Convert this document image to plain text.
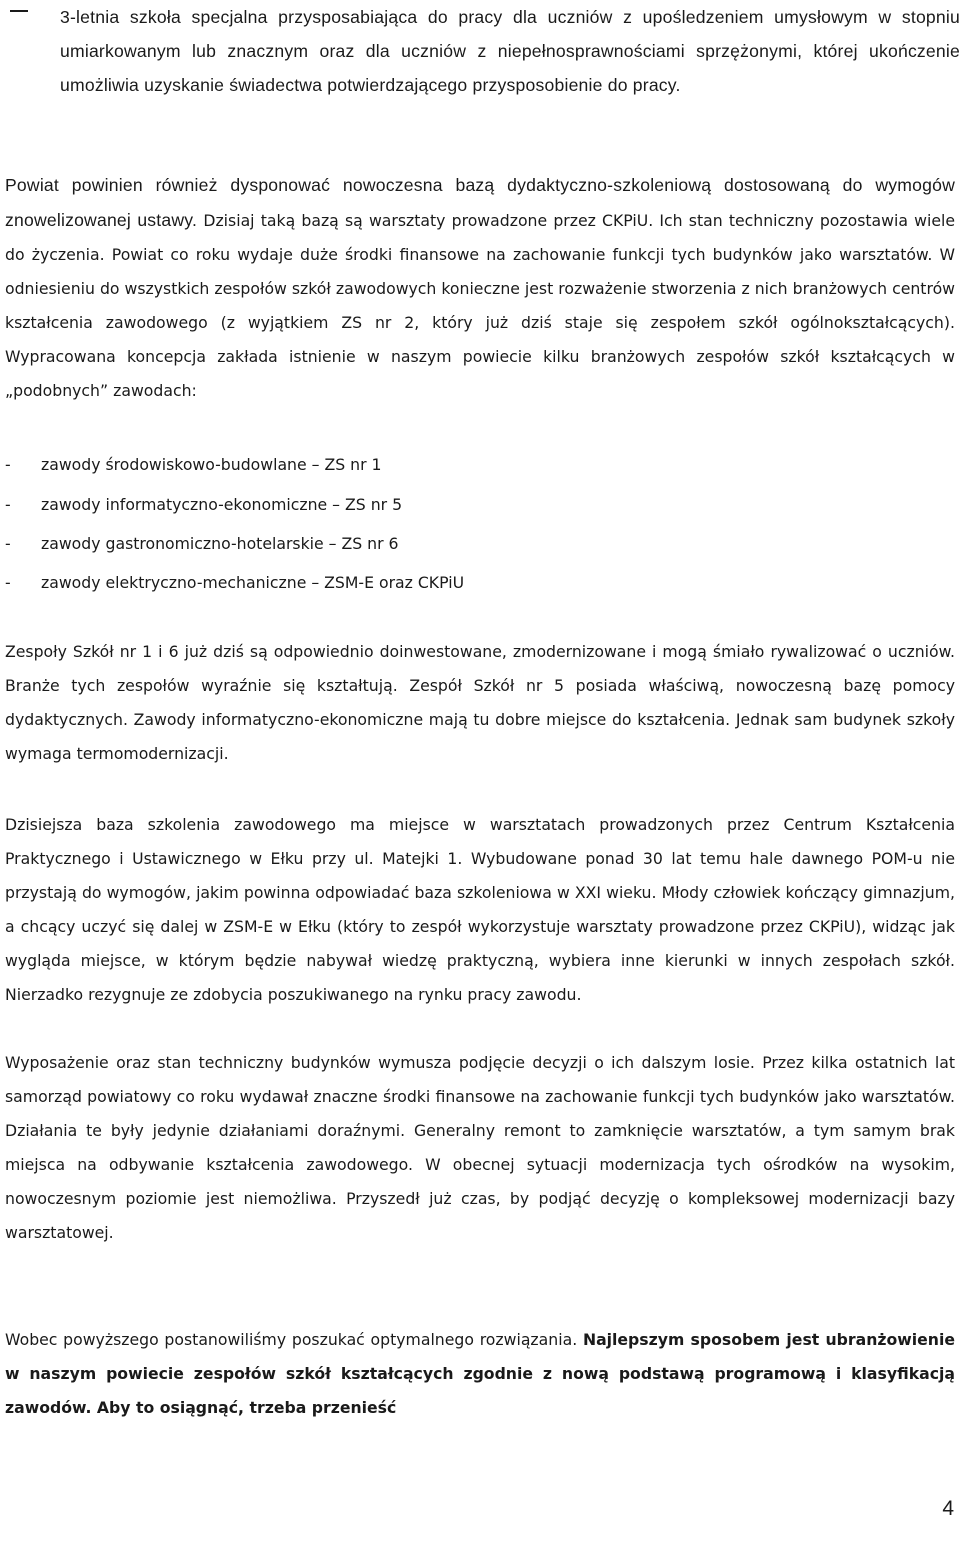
3-letnia szkoła specjalna przysposabiająca do pracy dla uczniów z upośledzeniem umysłowym w stopniu umiarkowanym lub znacznym oraz dla uczniów z niepełnosprawnościami sprzężonymi, której ukończenie umożliwia uzyskanie świadectwa potwierdzającego przysposobienie do pracy.

Powiat powinien również dysponować nowoczesna bazą dydaktyczno-szkoleniową dostosowaną do wymogów znowelizowanej ustawy. Dzisiaj taką bazą są warsztaty prowadzone przez CKPiU. Ich stan techniczny pozostawia wiele do życzenia. Powiat co roku wydaje duże środki finansowe na zachowanie funkcji tych budynków jako warsztatów. W odniesieniu do wszystkich zespołów szkół zawodowych konieczne jest rozważenie stworzenia z nich branżowych centrów kształcenia zawodowego (z wyjątkiem ZS nr 2, który już dziś staje się zespołem szkół ogólnokształcących). Wypracowana koncepcja zakłada istnienie w naszym powiecie kilku branżowych zespołów szkół kształcących w „podobnych” zawodach:

- zawody środowiskowo-budowlane – ZS nr 1
- zawody informatyczno-ekonomiczne – ZS nr 5
- zawody gastronomiczno-hotelarskie – ZS nr 6
- zawody elektryczno-mechaniczne – ZSM-E oraz CKPiU

Zespoły Szkół nr 1 i 6 już dziś są odpowiednio doinwestowane, zmodernizowane i mogą śmiało rywalizować o uczniów. Branże tych zespołów wyraźnie się kształtują. Zespół Szkół nr 5 posiada właściwą, nowoczesną bazę pomocy dydaktycznych. Zawody informatyczno-ekonomiczne mają tu dobre miejsce do kształcenia. Jednak sam budynek szkoły wymaga termomodernizacji.

Dzisiejsza baza szkolenia zawodowego ma miejsce w warsztatach prowadzonych przez Centrum Kształcenia Praktycznego i Ustawicznego w Ełku przy ul. Matejki 1. Wybudowane ponad 30 lat temu hale dawnego POM-u nie przystają do wymogów, jakim powinna odpowiadać baza szkoleniowa w XXI wieku. Młody człowiek kończący gimnazjum, a chcący uczyć się dalej w ZSM-E w Ełku (który to zespół wykorzystuje warsztaty prowadzone przez CKPiU), widząc jak wygląda miejsce, w którym będzie nabywał wiedzę praktyczną, wybiera inne kierunki w innych zespołach szkół. Nierzadko rezygnuje ze zdobycia poszukiwanego na rynku pracy zawodu.

Wyposażenie oraz stan techniczny budynków wymusza podjęcie decyzji o ich dalszym losie. Przez kilka ostatnich lat samorząd powiatowy co roku wydawał znaczne środki finansowe na zachowanie funkcji tych budynków jako warsztatów. Działania te były jedynie działaniami doraźnymi. Generalny remont to zamknięcie warsztatów, a tym samym brak miejsca na odbywanie kształcenia zawodowego. W obecnej sytuacji modernizacja tych ośrodków na wysokim, nowoczesnym poziomie jest niemożliwa. Przyszedł już czas, by podjąć decyzję o kompleksowej modernizacji bazy warsztatowej.

Wobec powyższego postanowiliśmy poszukać optymalnego rozwiązania. Najlepszym sposobem jest ubranżowienie w naszym powiecie zespołów szkół kształcących zgodnie z nową podstawą programową i klasyfikacją zawodów. Aby to osiągnąć, trzeba przenieść

4
